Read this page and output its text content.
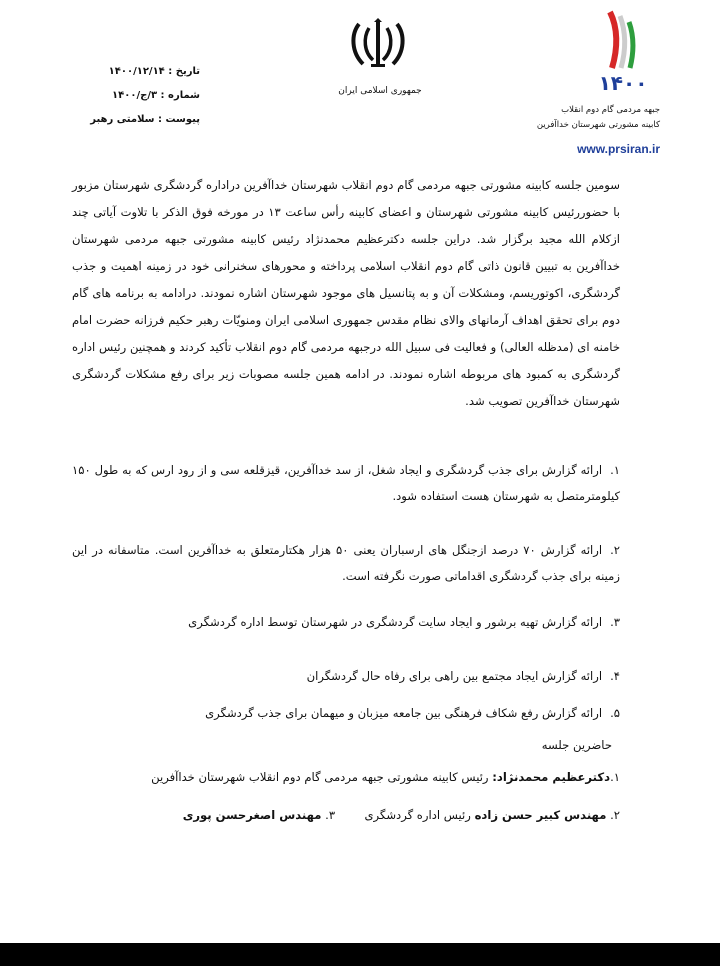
جمهوری اسلامی ایران
تاریخ : ۱۴۰۰/۱۲/۱۴
شماره : ۳/ج/۱۴۰۰
پیوست : سلامتی رهبر
۱۴۰۰
جبهه مردمی گام دوم انقلاب
کابینه مشورتی شهرستان خداآفرین
www.prsiran.ir
سومین جلسه کابینه مشورتی جبهه مردمی گام دوم انقلاب شهرستان خداآفرین دراداره گردشگری شهرستان مزبور با حضوررئیس کابینه مشورتی شهرستان و اعضای کابینه رأس ساعت ۱۳ در مورخه فوق الذکر با تلاوت آیاتی چند ازکلام الله مجید برگزار شد. دراین جلسه دکترعظیم محمدنژاد رئیس کابینه مشورتی جبهه مردمی شهرستان خداآفرین به تبیین قانون ذاتی گام دوم انقلاب اسلامی پرداخته و محورهای سخنرانی خود در زمینه اهمیت و جذب گردشگری، اکوتوریسم، ومشکلات آن و به پتانسیل های موجود شهرستان اشاره نمودند. درادامه به برنامه های گام دوم برای تحقق اهداف آرمانهای والای نظام مقدس جمهوری اسلامی ایران ومنویّات رهبر حکیم فرزانه حضرت امام خامنه ای (مدظله العالی) و فعالیت فی سبیل الله درجبهه مردمی گام دوم انقلاب تأکید کردند و همچنین رئیس اداره گردشگری به کمبود های مربوطه اشاره نمودند. در ادامه همین جلسه مصوبات زیر برای رفع مشکلات گردشگری شهرستان خداآفرین تصویب شد.
۱.ارائه گزارش برای جذب گردشگری و ایجاد شغل، از سد خداآفرین، قیزقلعه سی و از رود ارس که به طول ۱۵۰ کیلومترمتصل به شهرستان هست استفاده شود.
۲.ارائه گزارش ۷۰ درصد ازجنگل های ارسباران یعنی ۵۰ هزار هکتارمتعلق به خداآفرین است. متاسفانه در این زمینه برای جذب گردشگری اقداماتی صورت نگرفته است.
۳.ارائه گزارش تهیه برشور و ایجاد سایت گردشگری در شهرستان توسط اداره گردشگری
۴.ارائه گزارش ایجاد مجتمع بین راهی برای رفاه حال گردشگران
۵.ارائه گزارش رفع شکاف فرهنگی بین جامعه میزبان و میهمان برای جذب گردشگری
حاضرین جلسه
۱.دکترعظیم محمدنژاد: رئیس کابینه مشورتی جبهه مردمی گام دوم انقلاب شهرستان خداآفرین
۲. مهندس کبیر حسن زاده رئیس اداره گردشگری  ۳. مهندس اصغرحسن پوری
